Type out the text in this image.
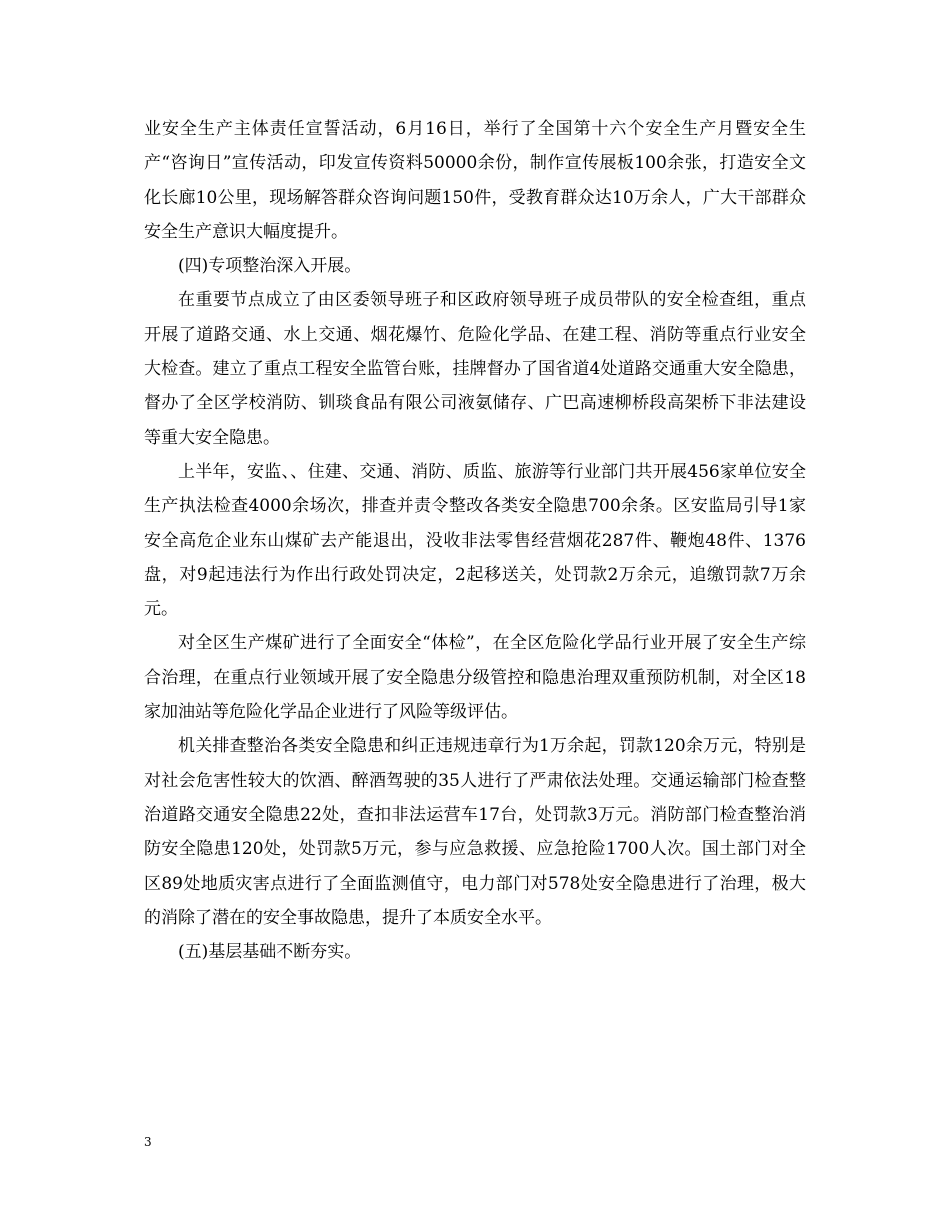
业安全生产主体责任宣誓活动，6月16日，举行了全国第十六个安全生产月暨安全生产“咨询日”宣传活动，印发宣传资料50000余份，制作宣传展板100余张，打造安全文化长廊10公里，现场解答群众咨询问题150件，受教育群众达10万余人，广大干部群众安全生产意识大幅度提升。

(四)专项整治深入开展。

在重要节点成立了由区委领导班子和区政府领导班子成员带队的安全检查组，重点开展了道路交通、水上交通、烟花爆竹、危险化学品、在建工程、消防等重点行业安全大检查。建立了重点工程安全监管台账，挂牌督办了国省道4处道路交通重大安全隐患，督办了全区学校消防、钏琰食品有限公司液氨储存、广巴高速柳桥段高架桥下非法建设等重大安全隐患。

上半年，安监、、住建、交通、消防、质监、旅游等行业部门共开展456家单位安全生产执法检查4000余场次，排查并责令整改各类安全隐患700余条。区安监局引导1家安全高危企业东山煤矿去产能退出，没收非法零售经营烟花287件、鞭炮48件、1376盘，对9起违法行为作出行政处罚决定，2起移送关，处罚款2万余元，追缴罚款7万余元。

对全区生产煤矿进行了全面安全“体检”，在全区危险化学品行业开展了安全生产综合治理，在重点行业领域开展了安全隐患分级管控和隐患治理双重预防机制，对全区18家加油站等危险化学品企业进行了风险等级评估。

机关排查整治各类安全隐患和纠正违规违章行为1万余起，罚款120余万元，特别是对社会危害性较大的饮酒、醉酒驾驶的35人进行了严肃依法处理。交通运输部门检查整治道路交通安全隐患22处，查扣非法运营车17台，处罚款3万元。消防部门检查整治消防安全隐患120处，处罚款5万元，参与应急救援、应急抢险1700人次。国土部门对全区89处地质灾害点进行了全面监测值守，电力部门对578处安全隐患进行了治理，极大的消除了潜在的安全事故隐患，提升了本质安全水平。

(五)基层基础不断夯实。

3
